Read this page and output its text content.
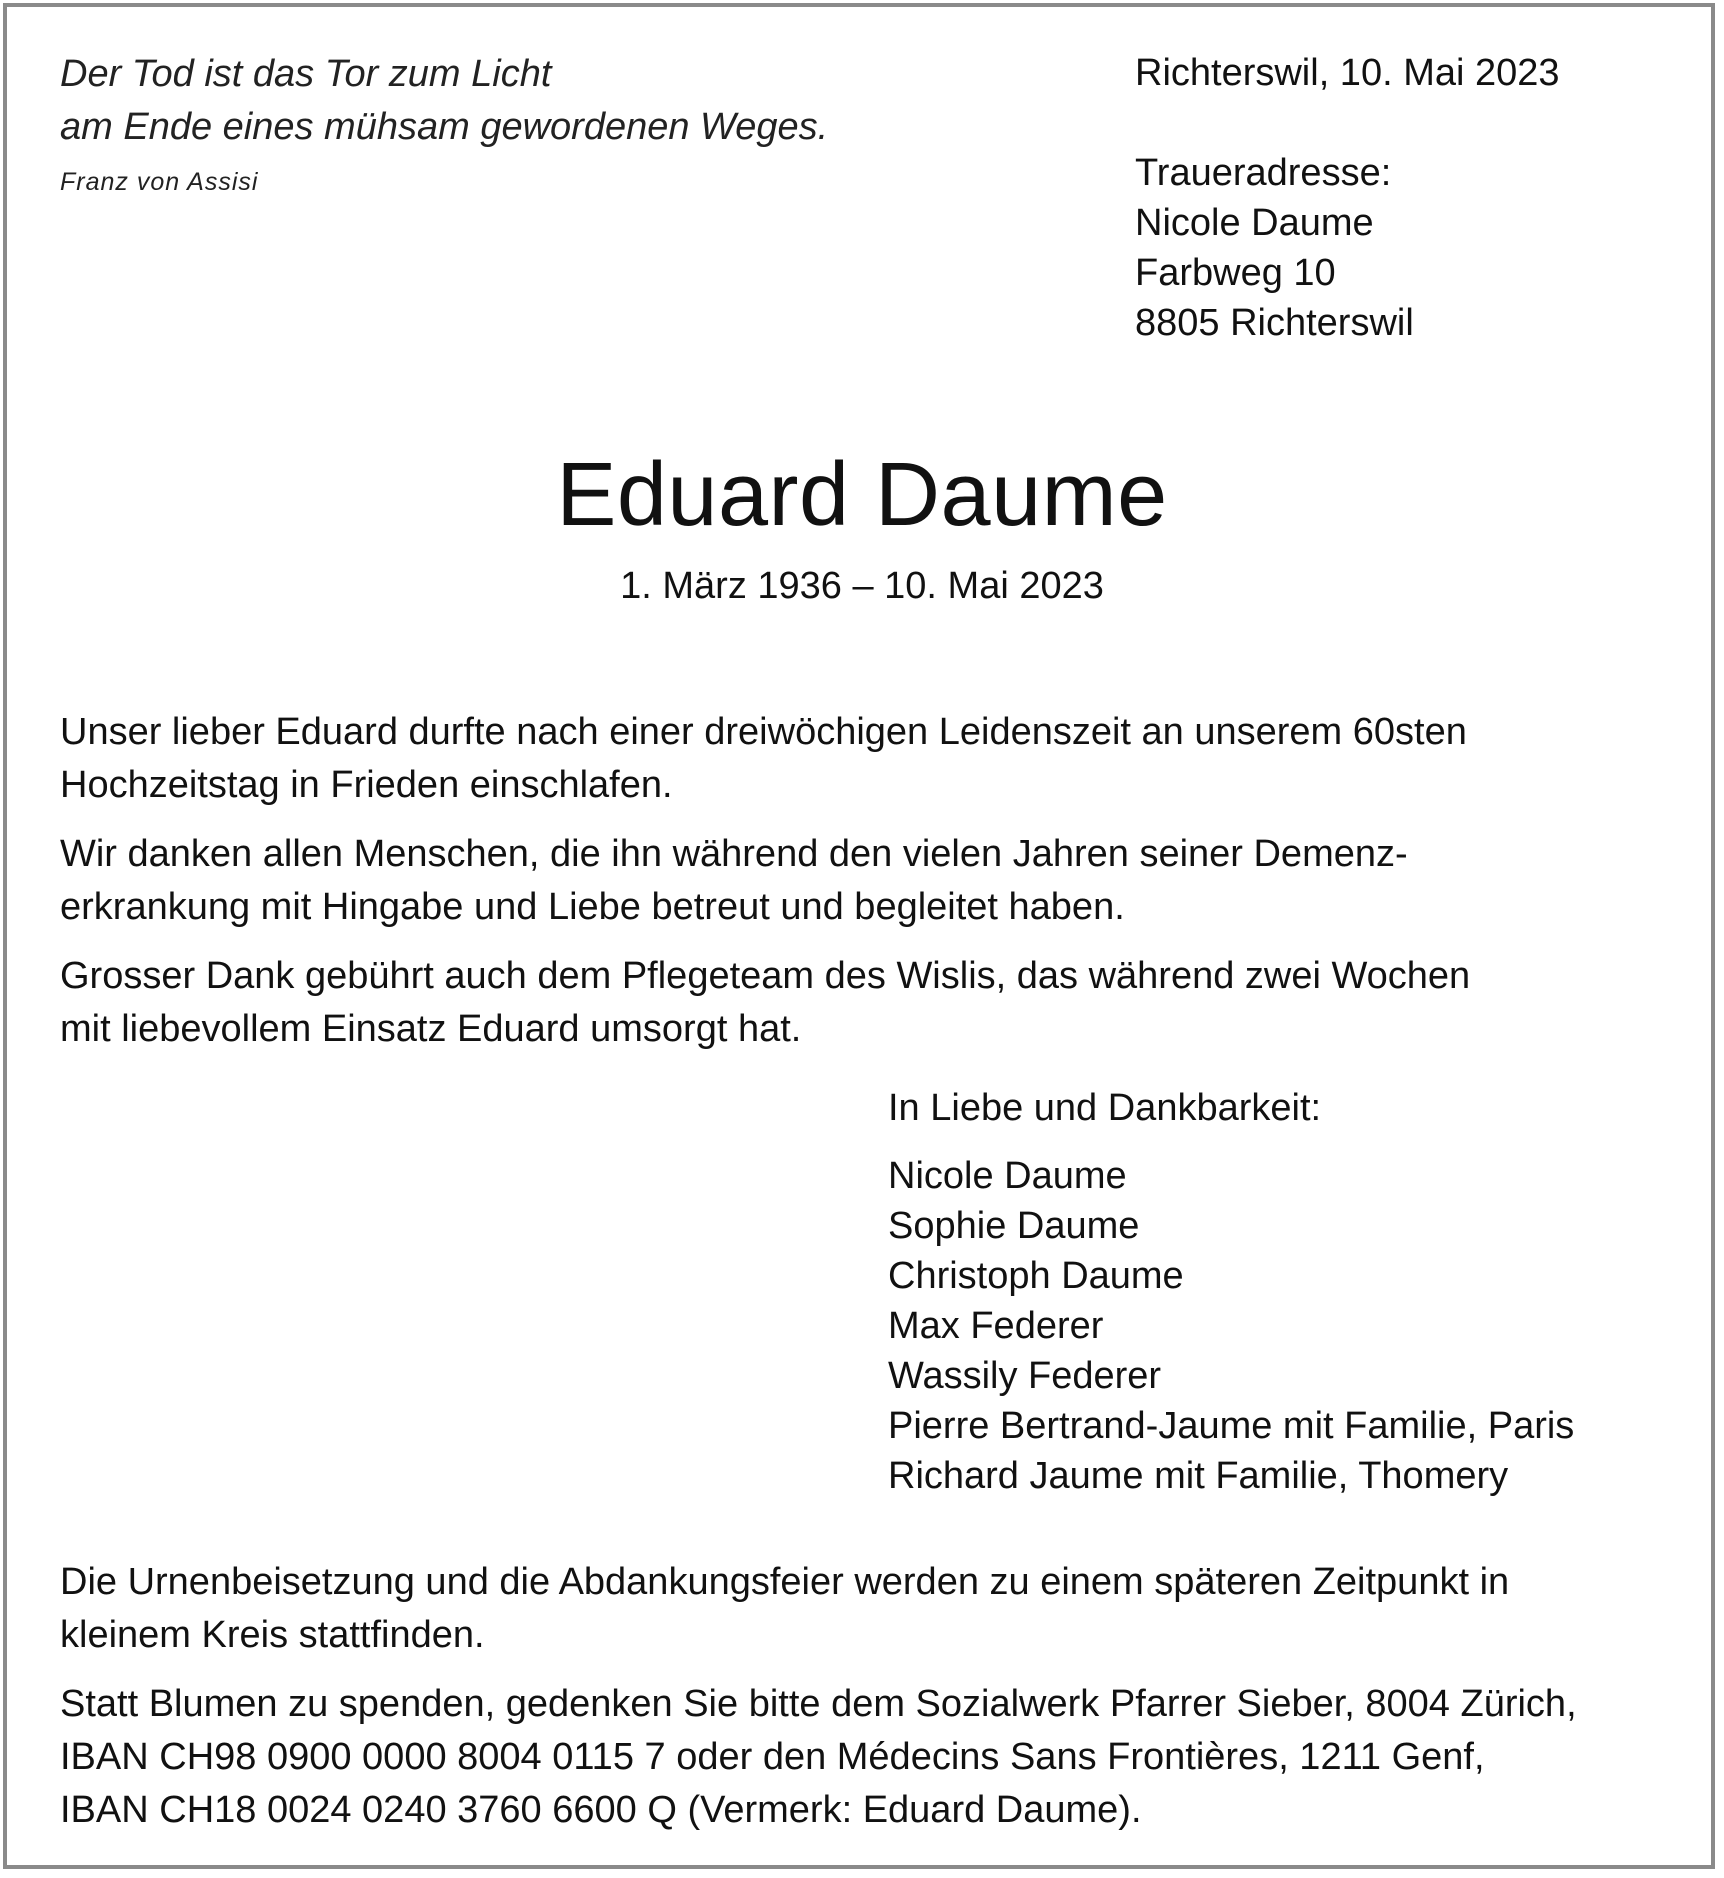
Der Tod ist das Tor zum Licht
am Ende eines mühsam gewordenen Weges.
Franz von Assisi
Richterswil, 10. Mai 2023
Traueradresse:
Nicole Daume
Farbweg 10
8805 Richterswil
Eduard Daume
1. März 1936 – 10. Mai 2023

Unser lieber Eduard durfte nach einer dreiwöchigen Leidenszeit an unserem 60sten
Hochzeitstag in Frieden einschlafen.

Wir danken allen Menschen, die ihn während den vielen Jahren seiner Demenz-
erkrankung mit Hingabe und Liebe betreut und begleitet haben.

Grosser Dank gebührt auch dem Pflegeteam des Wislis, das während zwei Wochen
mit liebevollem Einsatz Eduard umsorgt hat.

In Liebe und Dankbarkeit:
Nicole Daume
Sophie Daume
Christoph Daume
Max Federer
Wassily Federer
Pierre Bertrand-Jaume mit Familie, Paris
Richard Jaume mit Familie, Thomery

Die Urnenbeisetzung und die Abdankungsfeier werden zu einem späteren Zeitpunkt in
kleinem Kreis stattfinden.

Statt Blumen zu spenden, gedenken Sie bitte dem Sozialwerk Pfarrer Sieber, 8004 Zürich,
IBAN CH98 0900 0000 8004 0115 7 oder den Médecins Sans Frontières, 1211 Genf,
IBAN CH18 0024 0240 3760 6600 Q (Vermerk: Eduard Daume).
